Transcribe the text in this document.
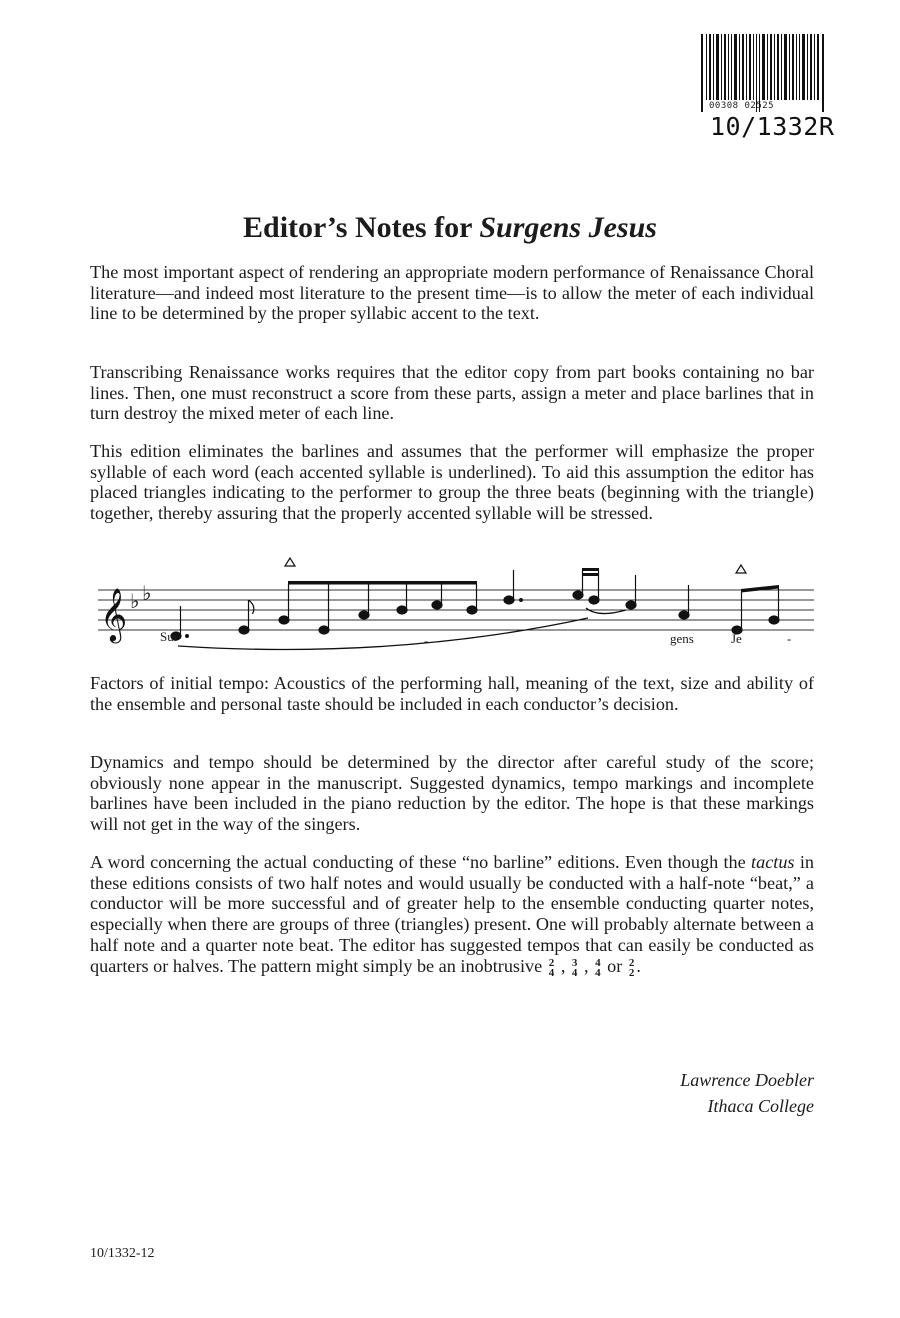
00308 02525
10/1332R
Editor’s Notes for Surgens Jesus

The most important aspect of rendering an appropriate modern performance of Renaissance Choral literature—and indeed most literature to the present time—is to allow the meter of each individual line to be determined by the proper syllabic accent to the text.

Transcribing Renaissance works requires that the editor copy from part books containing no bar lines. Then, one must reconstruct a score from these parts, assign a meter and place barlines that in turn destroy the mixed meter of each line.

This edition eliminates the barlines and assumes that the performer will emphasize the proper syllable of each word (each accented syllable is underlined). To aid this assumption the editor has placed triangles indicating to the performer to group the three beats (beginning with the triangle) together, thereby assuring that the properly accented syllable will be stressed.

𝄞 ♭ ♭
Sur	-	gens	Je	-

Factors of initial tempo: Acoustics of the performing hall, meaning of the text, size and ability of the ensemble and personal taste should be included in each conductor’s decision.

Dynamics and tempo should be determined by the director after careful study of the score; obviously none appear in the manuscript. Suggested dynamics, tempo markings and incomplete barlines have been included in the piano reduction by the editor. The hope is that these markings will not get in the way of the singers.

A word concerning the actual conducting of these “no barline” editions. Even though the tactus in these editions consists of two half notes and would usually be conducted with a half-note “beat,” a conductor will be more successful and of greater help to the ensemble conducting quarter notes, especially when there are groups of three (triangles) present. One will probably alternate between a half note and a quarter note beat. The editor has suggested tempos that can easily be conducted as quarters or halves. The pattern might simply be an inobtrusive 2
4 , 3
4 , 4
4 or 2
2 .

Lawrence Doebler
Ithaca College
10/1332-12
